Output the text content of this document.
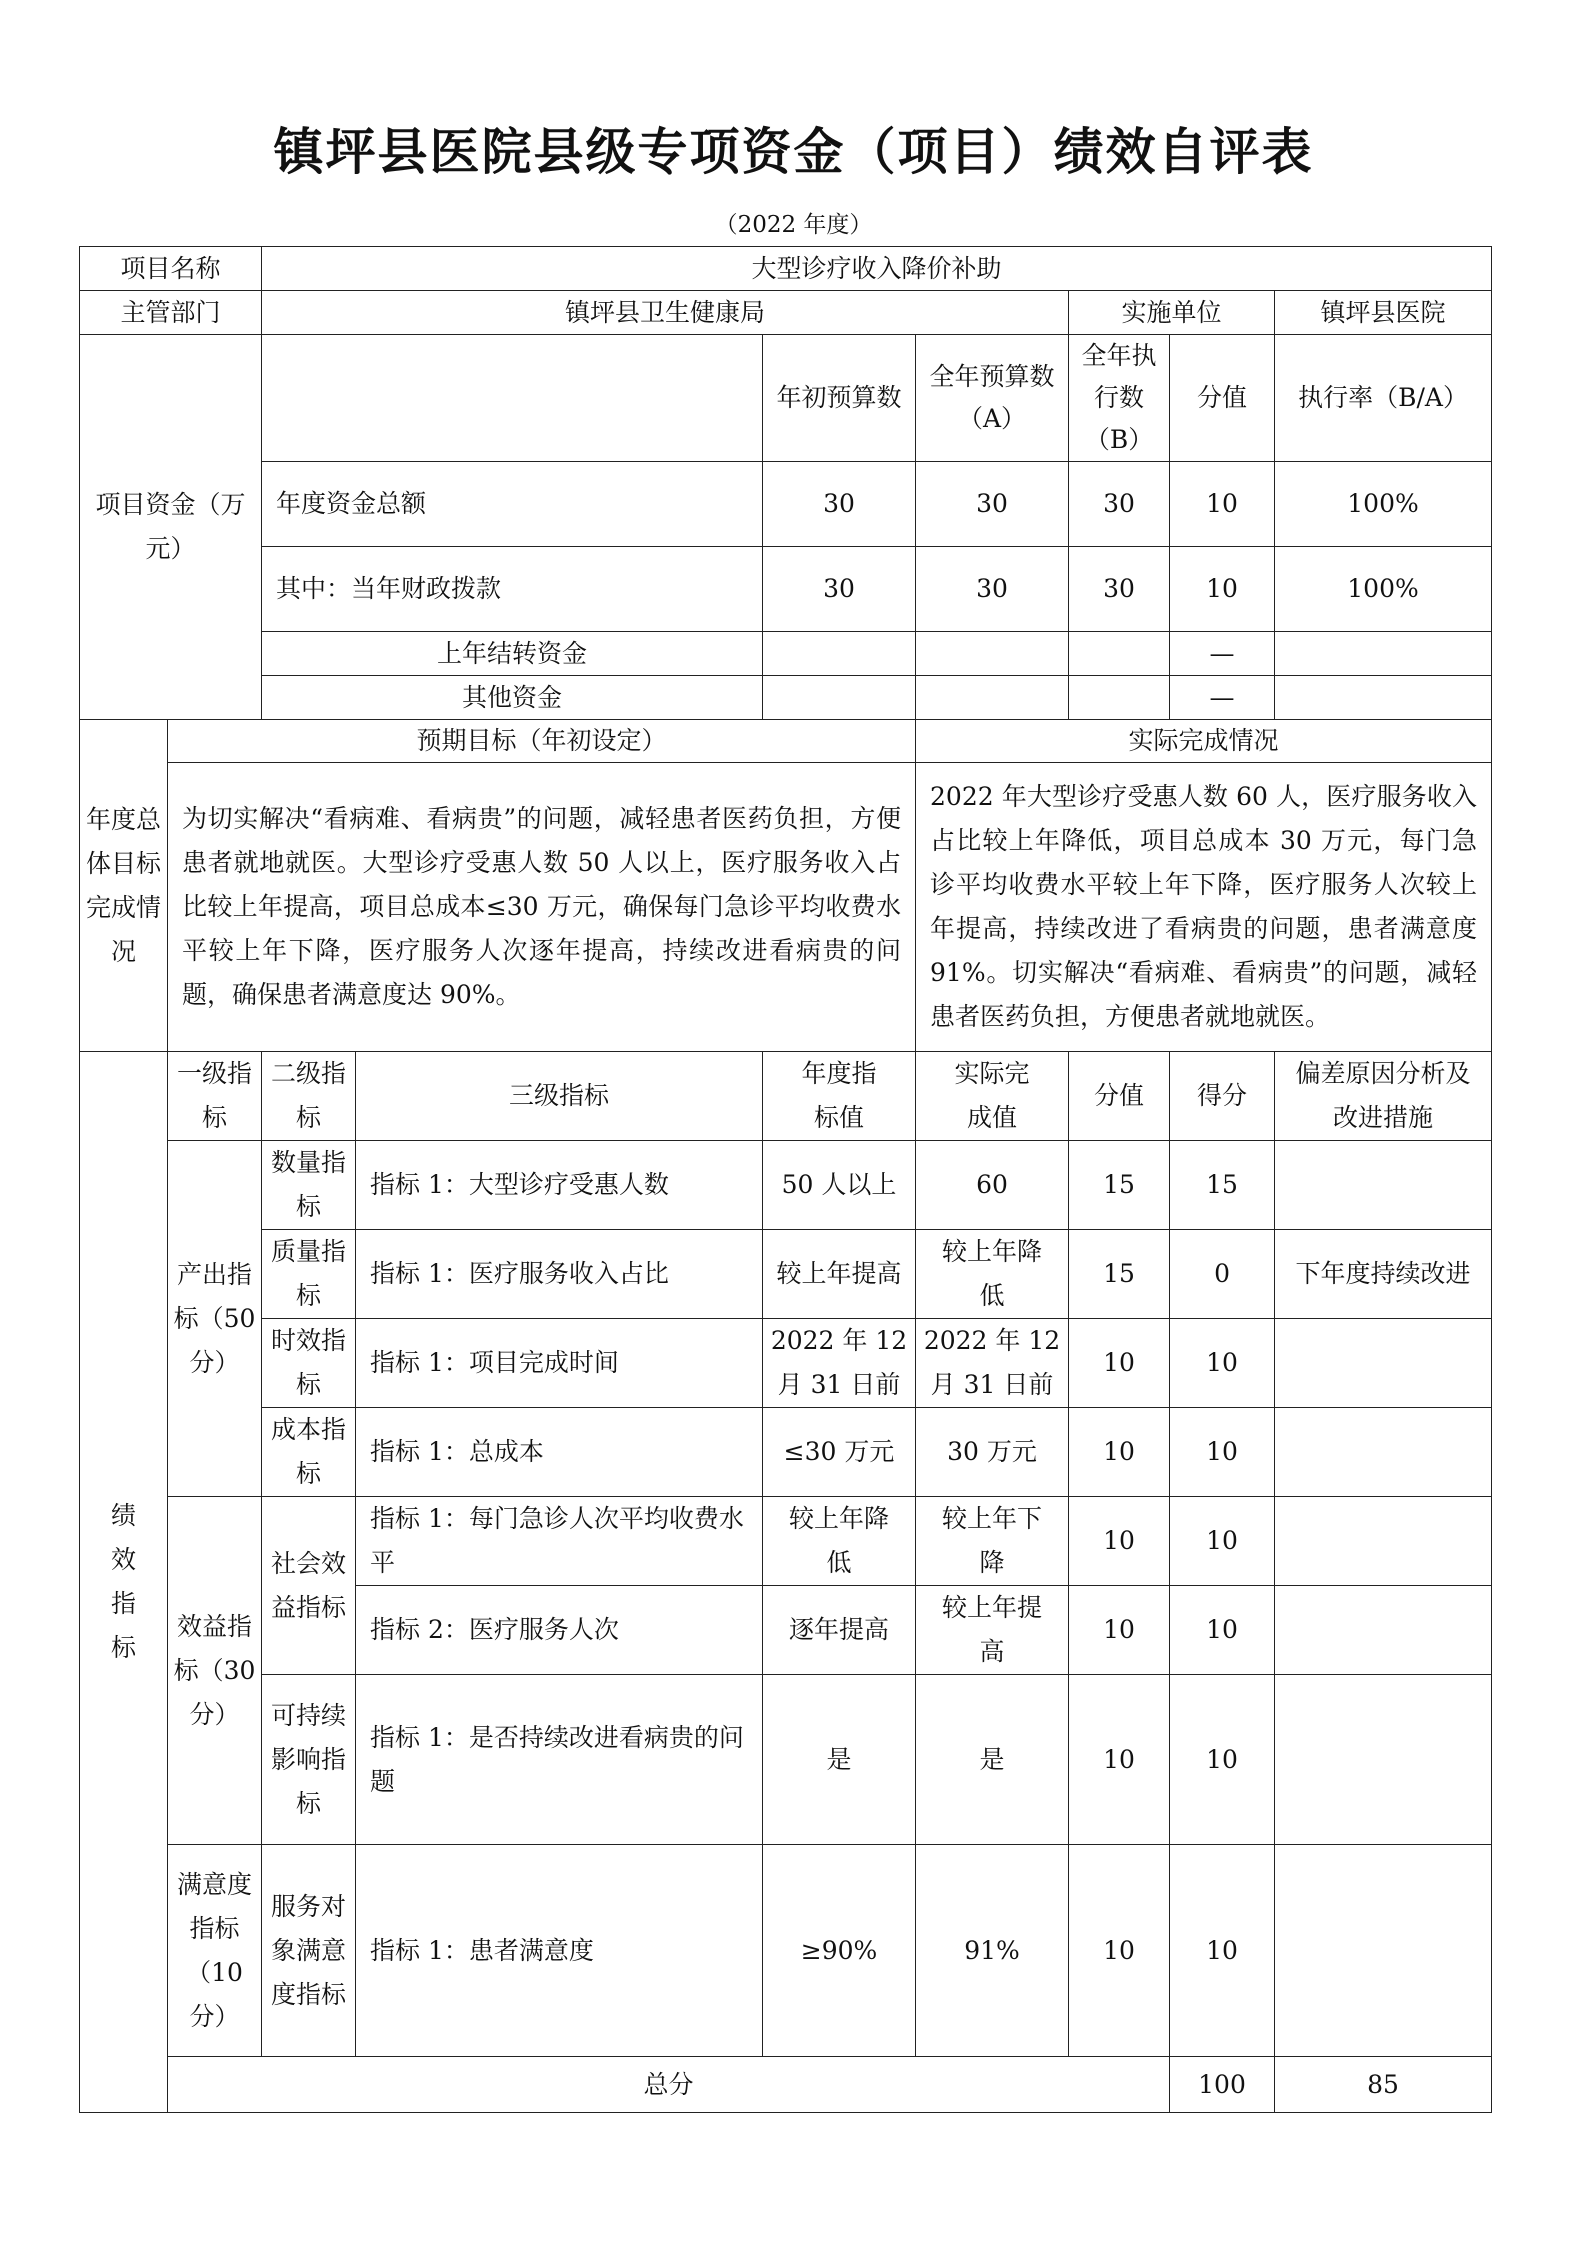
镇坪县医院县级专项资金（项目）绩效自评表
（2022 年度）
项目名称		大型诊疗收入降价补助							
主管部门		镇坪县卫生健康局				实施单位		镇坪县医院	
项目资金（万元）				年初预算数	全年预算数（A）	全年执行数（B）	分值	执行率（B/A）	
		年度资金总额		30	30	30	10	100%	
		其中：当年财政拨款		30	30	30	10	100%	
		上年结转资金					—		
		其他资金					—		
年度总体目标完成情况	预期目标（年初设定）				实际完成情况				
	为切实解决“看病难、看病贵”的问题，减轻患者医药负担，方便患者就地就医。大型诊疗受惠人数 50 人以上，医疗服务收入占比较上年提高，项目总成本≤30 万元，确保每门急诊平均收费水平较上年下降，医疗服务人次逐年提高，持续改进看病贵的问题，确保患者满意度达 90%。				2022 年大型诊疗受惠人数 60 人，医疗服务收入占比较上年降低，项目总成本 30 万元，每门急诊平均收费水平较上年下降，医疗服务人次较上年提高，持续改进了看病贵的问题，患者满意度 91%。切实解决“看病难、看病贵”的问题，减轻患者医药负担，方便患者就地就医。				
绩效指标	一级指标	二级指标	三级指标	年度指标值	实际完成值	分值	得分	偏差原因分析及改进措施	
	产出指标（50 分）	数量指标	指标 1：大型诊疗受惠人数	50 人以上	60	15	15		
		质量指标	指标 1：医疗服务收入占比	较上年提高	较上年降低	15	0	下年度持续改进	
		时效指标	指标 1：项目完成时间	2022 年 12 月 31 日前	2022 年 12 月 31 日前	10	10		
		成本指标	指标 1：总成本	≤30 万元	30 万元	10	10		
	效益指标（30 分）	社会效益指标	指标 1：每门急诊人次平均收费水平	较上年降低	较上年下降	10	10		
			指标 2：医疗服务人次	逐年提高	较上年提高	10	10		
		可持续影响指标	指标 1：是否持续改进看病贵的问题	是	是	10	10		
	满意度指标（10 分）	服务对象满意度指标	指标 1：患者满意度	≥90%	91%	10	10		
	总分						100	85	
